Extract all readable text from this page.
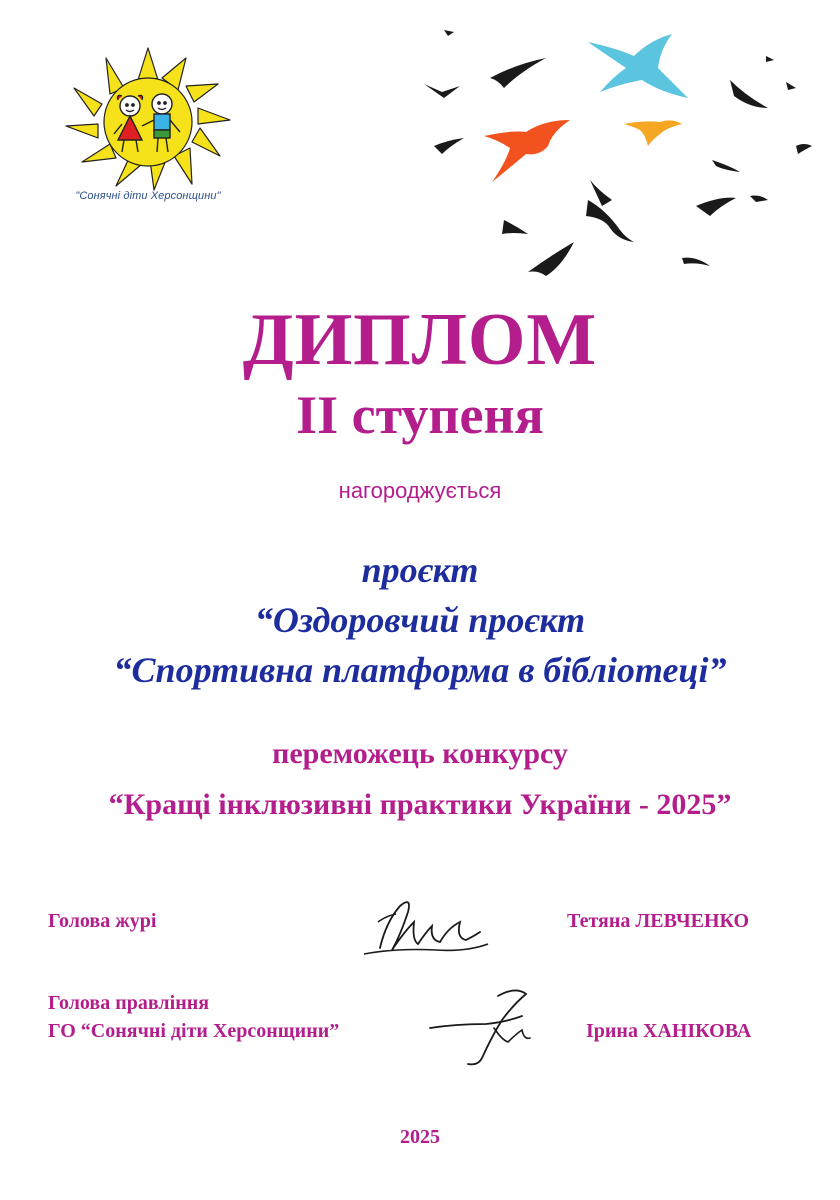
"Сонячні діти Херсонщини"
ДИПЛОМ
II ступеня
нагороджується
проєкт
“Оздоровчий проєкт
“Спортивна платформа в бібліотеці”
переможець конкурсу
“Кращі інклюзивні практики України - 2025”
Голова журі	Тетяна ЛЕВЧЕНКО
Голова правління
ГО “Сонячні діти Херсонщини”	Ірина ХАНІКОВА
2025
